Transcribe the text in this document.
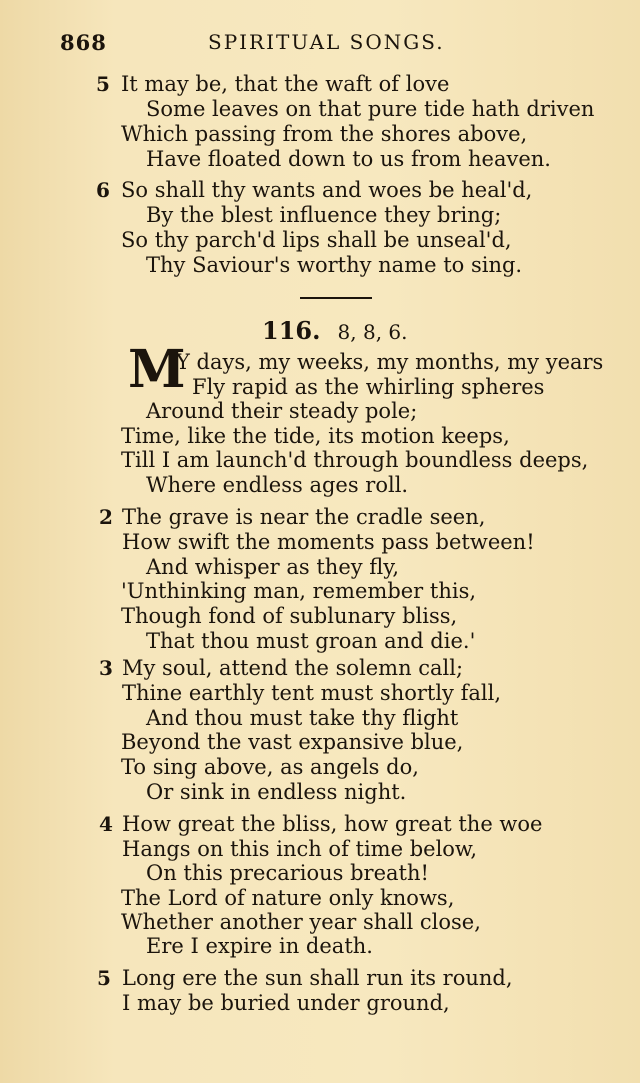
868	SPIRITUAL SONGS.
5 It may be, that the waft of love
Some leaves on that pure tide hath driven
Which passing from the shores above,
Have floated down to us from heaven.
6 So shall thy wants and woes be heal'd,
By the blest influence they bring;
So thy parch'd lips shall be unseal'd,
Thy Saviour's worthy name to sing.
116. 8, 8, 6.
M
Y days, my weeks, my months, my years
Fly rapid as the whirling spheres
Around their steady pole;
Time, like the tide, its motion keeps,
Till I am launch'd through boundless deeps,
Where endless ages roll.
2 The grave is near the cradle seen,
How swift the moments pass between!
And whisper as they fly,
'Unthinking man, remember this,
Though fond of sublunary bliss,
That thou must groan and die.'
3 My soul, attend the solemn call;
Thine earthly tent must shortly fall,
And thou must take thy flight
Beyond the vast expansive blue,
To sing above, as angels do,
Or sink in endless night.
4 How great the bliss, how great the woe
Hangs on this inch of time below,
On this precarious breath!
The Lord of nature only knows,
Whether another year shall close,
Ere I expire in death.
5 Long ere the sun shall run its round,
I may be buried under ground,
